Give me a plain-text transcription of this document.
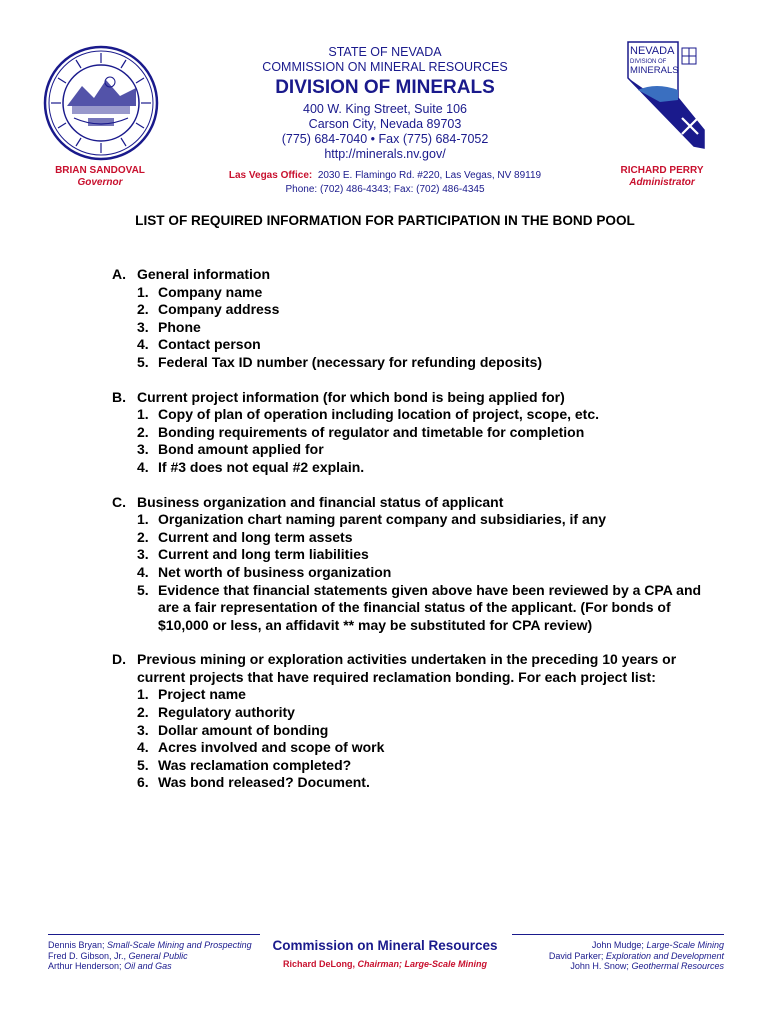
STATE OF NEVADA
COMMISSION ON MINERAL RESOURCES
DIVISION OF MINERALS
400 W. King Street, Suite 106
Carson City, Nevada 89703
(775) 684-7040 • Fax (775) 684-7052
http://minerals.nv.gov/
NEVADA
DIVISION OF
MINERALS
BRIAN SANDOVAL
Governor
Las Vegas Office: 2030 E. Flamingo Rd. #220, Las Vegas, NV 89119
Phone: (702) 486-4343; Fax: (702) 486-4345
RICHARD PERRY
Administrator
LIST OF REQUIRED INFORMATION FOR PARTICIPATION IN THE BOND POOL
A. General information
1. Company name
2. Company address
3. Phone
4. Contact person
5. Federal Tax ID number (necessary for refunding deposits)
B. Current project information (for which bond is being applied for)
1. Copy of plan of operation including location of project, scope, etc.
2. Bonding requirements of regulator and timetable for completion
3. Bond amount applied for
4. If #3 does not equal #2 explain.
C. Business organization and financial status of applicant
1. Organization chart naming parent company and subsidiaries, if any
2. Current and long term assets
3. Current and long term liabilities
4. Net worth of business organization
5. Evidence that financial statements given above have been reviewed by a CPA and are a fair representation of the financial status of the applicant. (For bonds of $10,000 or less, an affidavit ** may be substituted for CPA review)
D. Previous mining or exploration activities undertaken in the preceding 10 years or current projects that have required reclamation bonding. For each project list:
1. Project name
2. Regulatory authority
3. Dollar amount of bonding
4. Acres involved and scope of work
5. Was reclamation completed?
6. Was bond released? Document.
Dennis Bryan; Small-Scale Mining and Prospecting
Fred D. Gibson, Jr., General Public
Arthur Henderson; Oil and Gas
Commission on Mineral Resources
Richard DeLong, Chairman; Large-Scale Mining
John Mudge; Large-Scale Mining
David Parker; Exploration and Development
John H. Snow; Geothermal Resources
